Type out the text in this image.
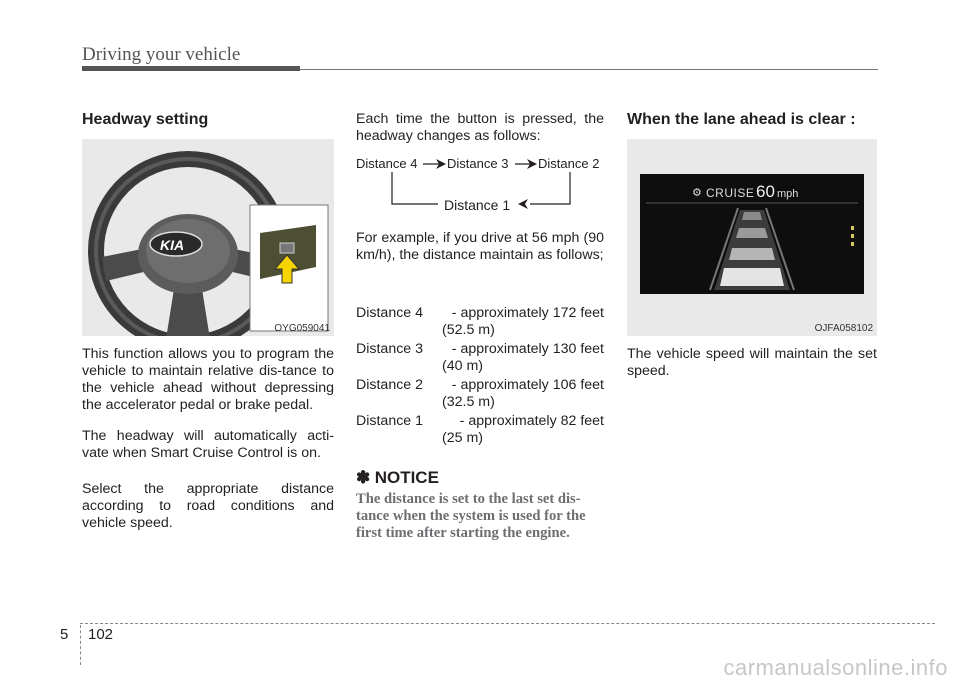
Driving your vehicle
Headway setting
KIA
OYG059041

This function allows you to program the vehicle to maintain relative dis-tance to the vehicle ahead without depressing the accelerator pedal or brake pedal.

The headway will automatically acti-vate when Smart Cruise Control is on.

Select the appropriate distance according to road conditions and vehicle speed.

Each time the button is pressed, the headway changes as follows:

Distance 4 Distance 3 Distance 2
Distance 1

For example, if you drive at 56 mph (90 km/h), the distance maintain as follows;

Distance 4 - approximately 172 feet
(52.5 m)
Distance 3 - approximately 130 feet
(40 m)
Distance 2 - approximately 106 feet
(32.5 m)
Distance 1	- approximately 82 feet
(25 m)
✽ NOTICE

The distance is set to the last set dis-tance when the system is used for the first time after starting the engine.

When the lane ahead is clear :
⚙ CRUISE 60 mph
OJFA058102

The vehicle speed will maintain the set speed.

5 102
carmanualsonline.info
